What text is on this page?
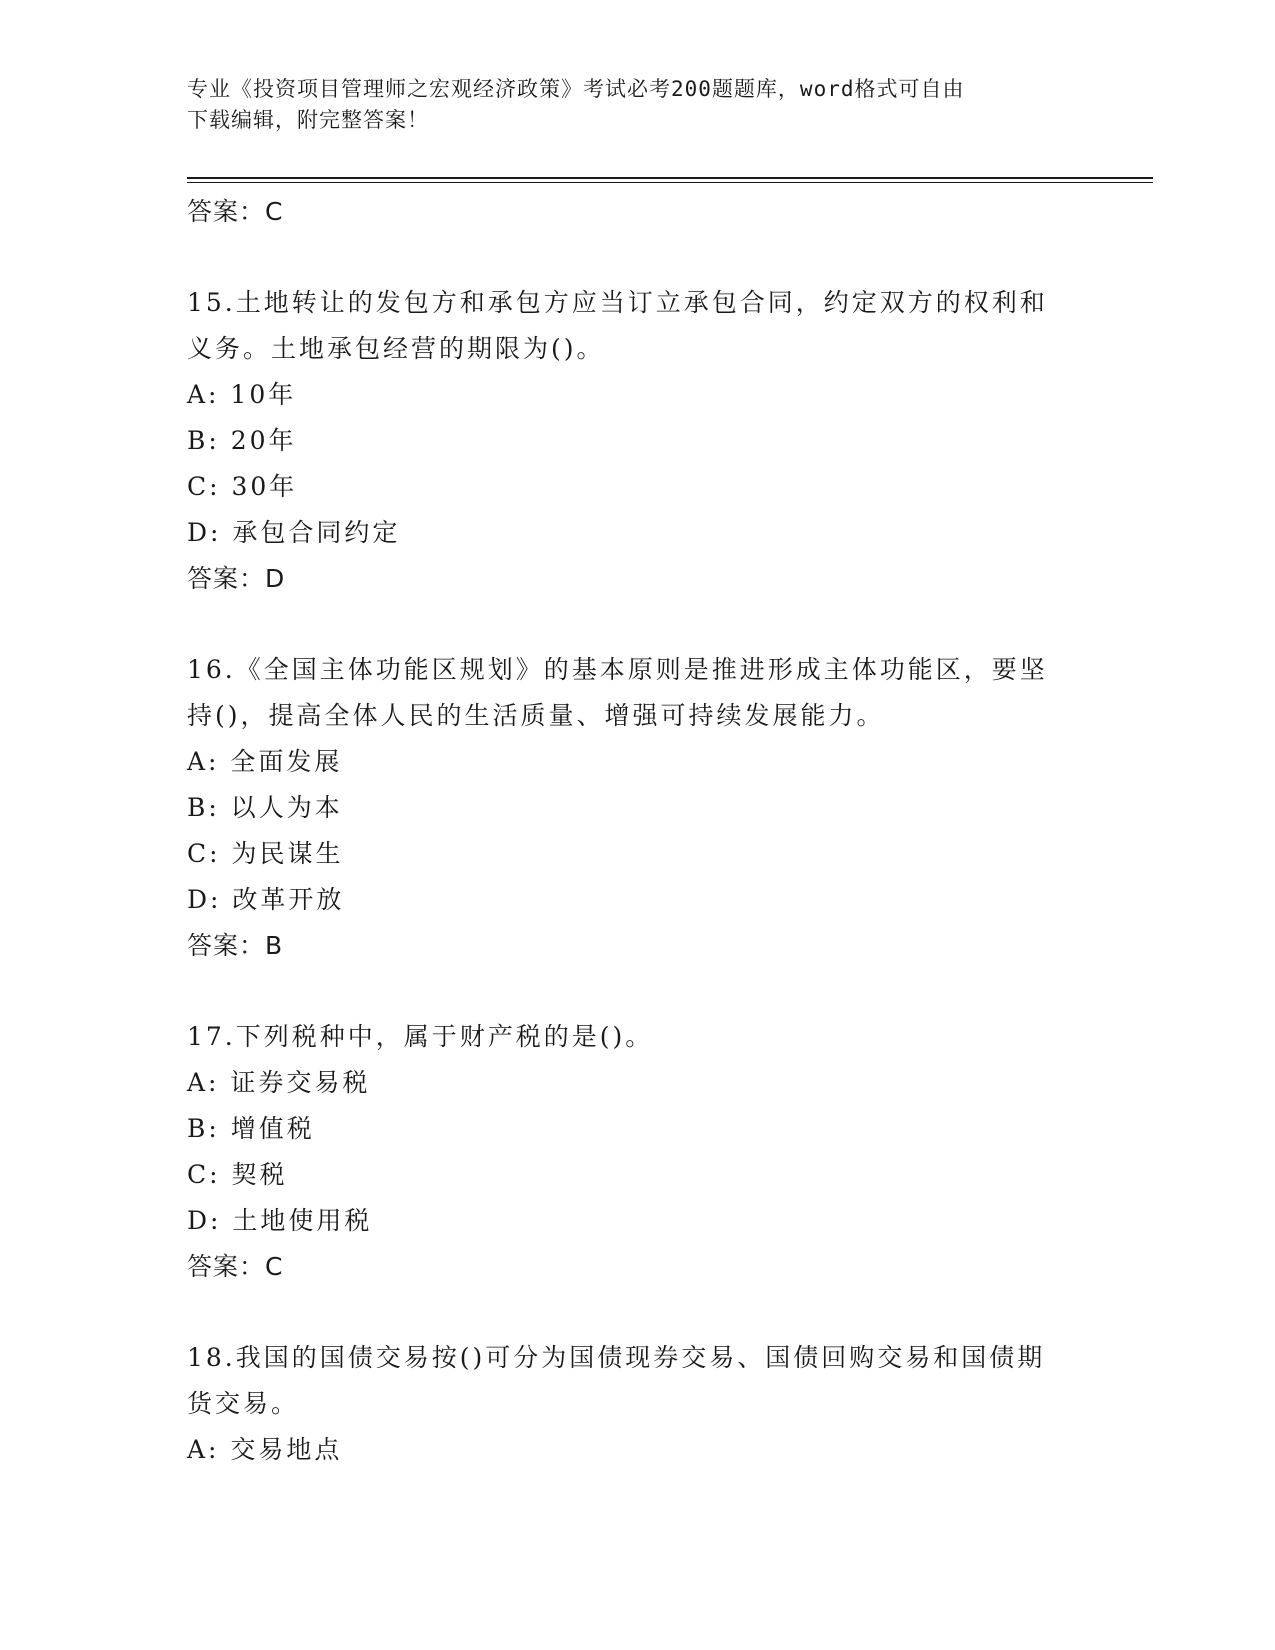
专业《投资项目管理师之宏观经济政策》考试必考200题题库，word格式可自由
下载编辑，附完整答案！
答案：C
15.土地转让的发包方和承包方应当订立承包合同，约定双方的权利和
义务。土地承包经营的期限为()。
A: 10年
B: 20年
C: 30年
D: 承包合同约定
答案：D
16.《全国主体功能区规划》的基本原则是推进形成主体功能区，要坚
持()，提高全体人民的生活质量、增强可持续发展能力。
A: 全面发展
B: 以人为本
C: 为民谋生
D: 改革开放
答案：B
17.下列税种中，属于财产税的是()。
A: 证券交易税
B: 增值税
C: 契税
D: 土地使用税
答案：C
18.我国的国债交易按()可分为国债现券交易、国债回购交易和国债期
货交易。
A: 交易地点
